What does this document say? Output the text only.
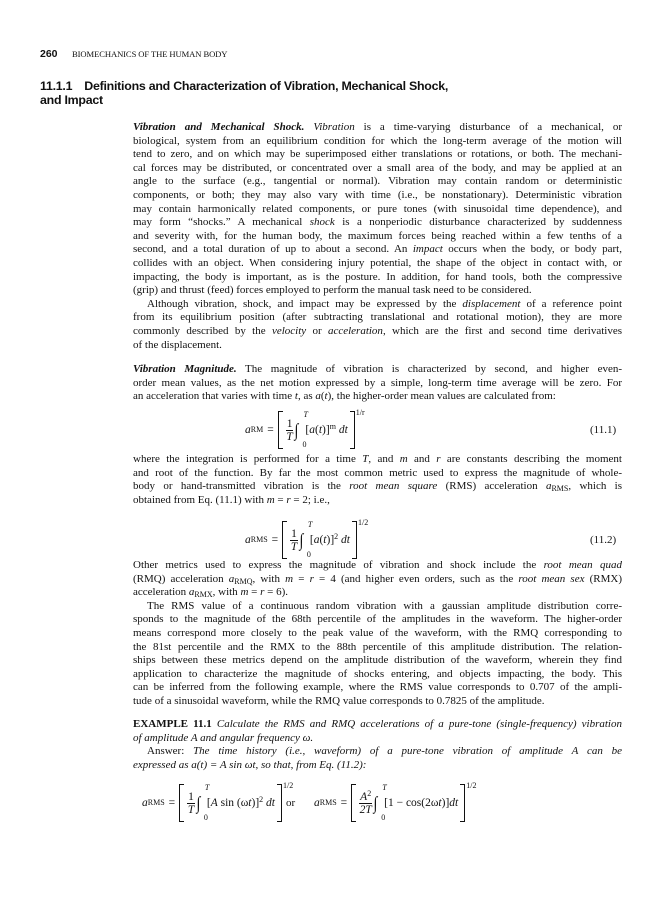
260 BIOMECHANICS OF THE HUMAN BODY
11.1.1 Definitions and Characterization of Vibration, Mechanical Shock,
and Impact
Vibration and Mechanical Shock. Vibration is a time-varying disturbance of a mechanical, or
biological, system from an equilibrium condition for which the long-term average of the motion will
tend to zero, and on which may be superimposed either translations or rotations, or both. The mechani-
cal forces may be distributed, or concentrated over a small area of the body, and may be applied at an
angle to the surface (e.g., tangential or normal). Vibration may contain random or deterministic
components, or both; they may also vary with time (i.e., be nonstationary). Deterministic vibration
may contain harmonically related components, or pure tones (with sinusoidal time dependence), and
may form “shocks.” A mechanical shock is a nonperiodic disturbance characterized by suddenness
and severity with, for the human body, the maximum forces being reached within a few tenths of a
second, and a total duration of up to about a second. An impact occurs when the body, or body part,
collides with an object. When considering injury potential, the shape of the object in contact with, or
impacting, the body is important, as is the posture. In addition, for hand tools, both the compressive
(grip) and thrust (feed) forces employed to perform the manual task need to be considered.
Although vibration, shock, and impact may be expressed by the displacement of a reference point
from its equilibrium position (after subtracting translational and rotational motion), they are more
commonly described by the velocity or acceleration, which are the first and second time derivatives
of the displacement.
Vibration Magnitude. The magnitude of vibration is characterized by second, and higher even-
order mean values, as the net motion expressed by a simple, long-term time average will be zero. For
an acceleration that varies with time t, as a(t), the higher-order mean values are calculated from:
a RM = $\frac{1}{T}$ ∫
T
0
$[a(t)]^m$ dt
1/r
(11.1)
where the integration is performed for a time T, and m and r are constants describing the moment
and root of the function. By far the most common metric used to express the magnitude of whole-
body or hand-transmitted vibration is the root mean square (RMS) acceleration $a_{RMS}$, which is
obtained from Eq. (11.1) with m = r = 2; i.e.,
a RMS = $\frac{1}{T}$ ∫
T
0
$[a(t)]^2$ dt
1/2
(11.2)
Other metrics used to express the magnitude of vibration and shock include the root mean quad
(RMQ) acceleration $a_{RMQ}$, with m = r = 4 (and higher even orders, such as the root mean sex (RMX)
acceleration $a_{RMX}$, with m = r = 6).
The RMS value of a continuous random vibration with a gaussian amplitude distribution corre-
sponds to the magnitude of the 68th percentile of the amplitudes in the waveform. The higher-order
means correspond more closely to the peak value of the waveform, with the RMQ corresponding to
the 81st percentile and the RMX to the 88th percentile of this amplitude distribution. The relation-
ships between these metrics depend on the amplitude distribution of the waveform, wherein they find
application to characterize the magnitude of shocks entering, and objects impacting, the body. This
can be inferred from the following example, where the RMS value corresponds to 0.707 of the ampli-
tude of a sinusoidal waveform, while the RMQ value corresponds to 0.7825 of the amplitude.
EXAMPLE 11.1 Calculate the RMS and RMQ accelerations of a pure-tone (single-frequency) vibration
of amplitude A and angular frequency ω.
Answer: The time history (i.e., waveform) of a pure-tone vibration of amplitude A can be
expressed as a(t) = A sin ωt, so that, from Eq. (11.2):
a RMS = $\frac{1}{T}$ ∫
T
0
[A sin (ωt)]$^2$ dt
1/2
or a RMS = $\frac{A^2}{2T}$ ∫
T
0
[1 − cos(2ωt)]dt
1/2
